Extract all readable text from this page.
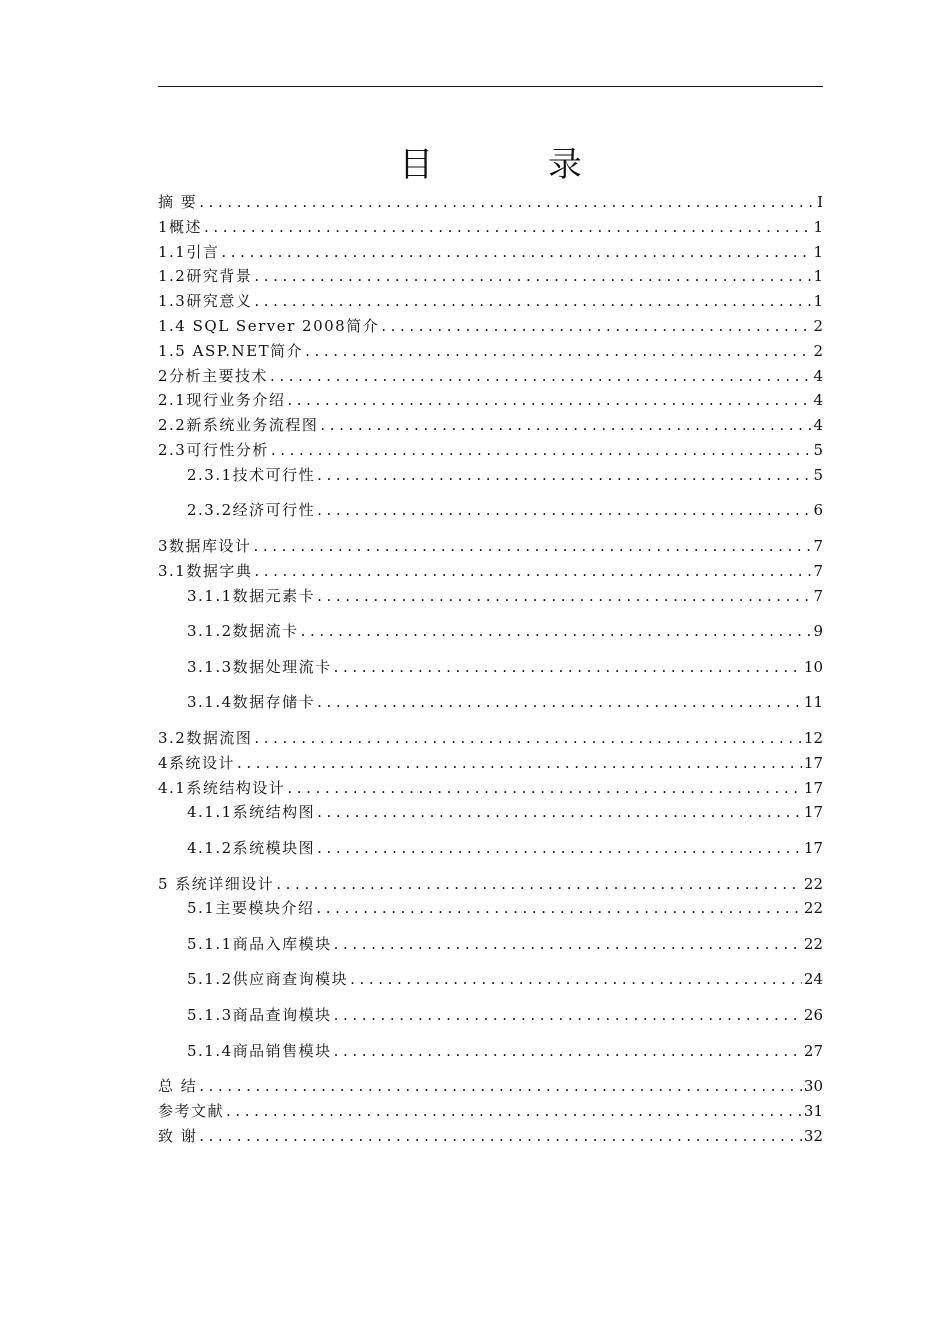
目 录
摘 要 .....	I
1概述 .....	1
1.1引言 .....	1
1.2研究背景 .....	1
1.3研究意义 .....	1
1.4 SQL Server 2008简介 .....	2
1.5 ASP.NET简介 .....	2
2分析主要技术 .....	4
2.1现行业务介绍 .....	4
2.2新系统业务流程图 .....	4
2.3可行性分析 .....	5
2.3.1技术可行性 .....	5
2.3.2经济可行性 .....	6
3数据库设计 .....	7
3.1数据字典 .....	7
3.1.1数据元素卡 .....	7
3.1.2数据流卡 .....	9
3.1.3数据处理流卡 .....	10
3.1.4数据存储卡 .....	11
3.2数据流图 .....	12
4系统设计 .....	17
4.1系统结构设计 .....	17
4.1.1系统结构图 .....	17
4.1.2系统模块图 .....	17
5 系统详细设计 .....	22
5.1主要模块介绍 .....	22
5.1.1商品入库模块 .....	22
5.1.2供应商查询模块 .....	24
5.1.3商品查询模块 .....	26
5.1.4商品销售模块 .....	27
总 结 .....	30
参考文献 .....	31
致 谢 .....	32
